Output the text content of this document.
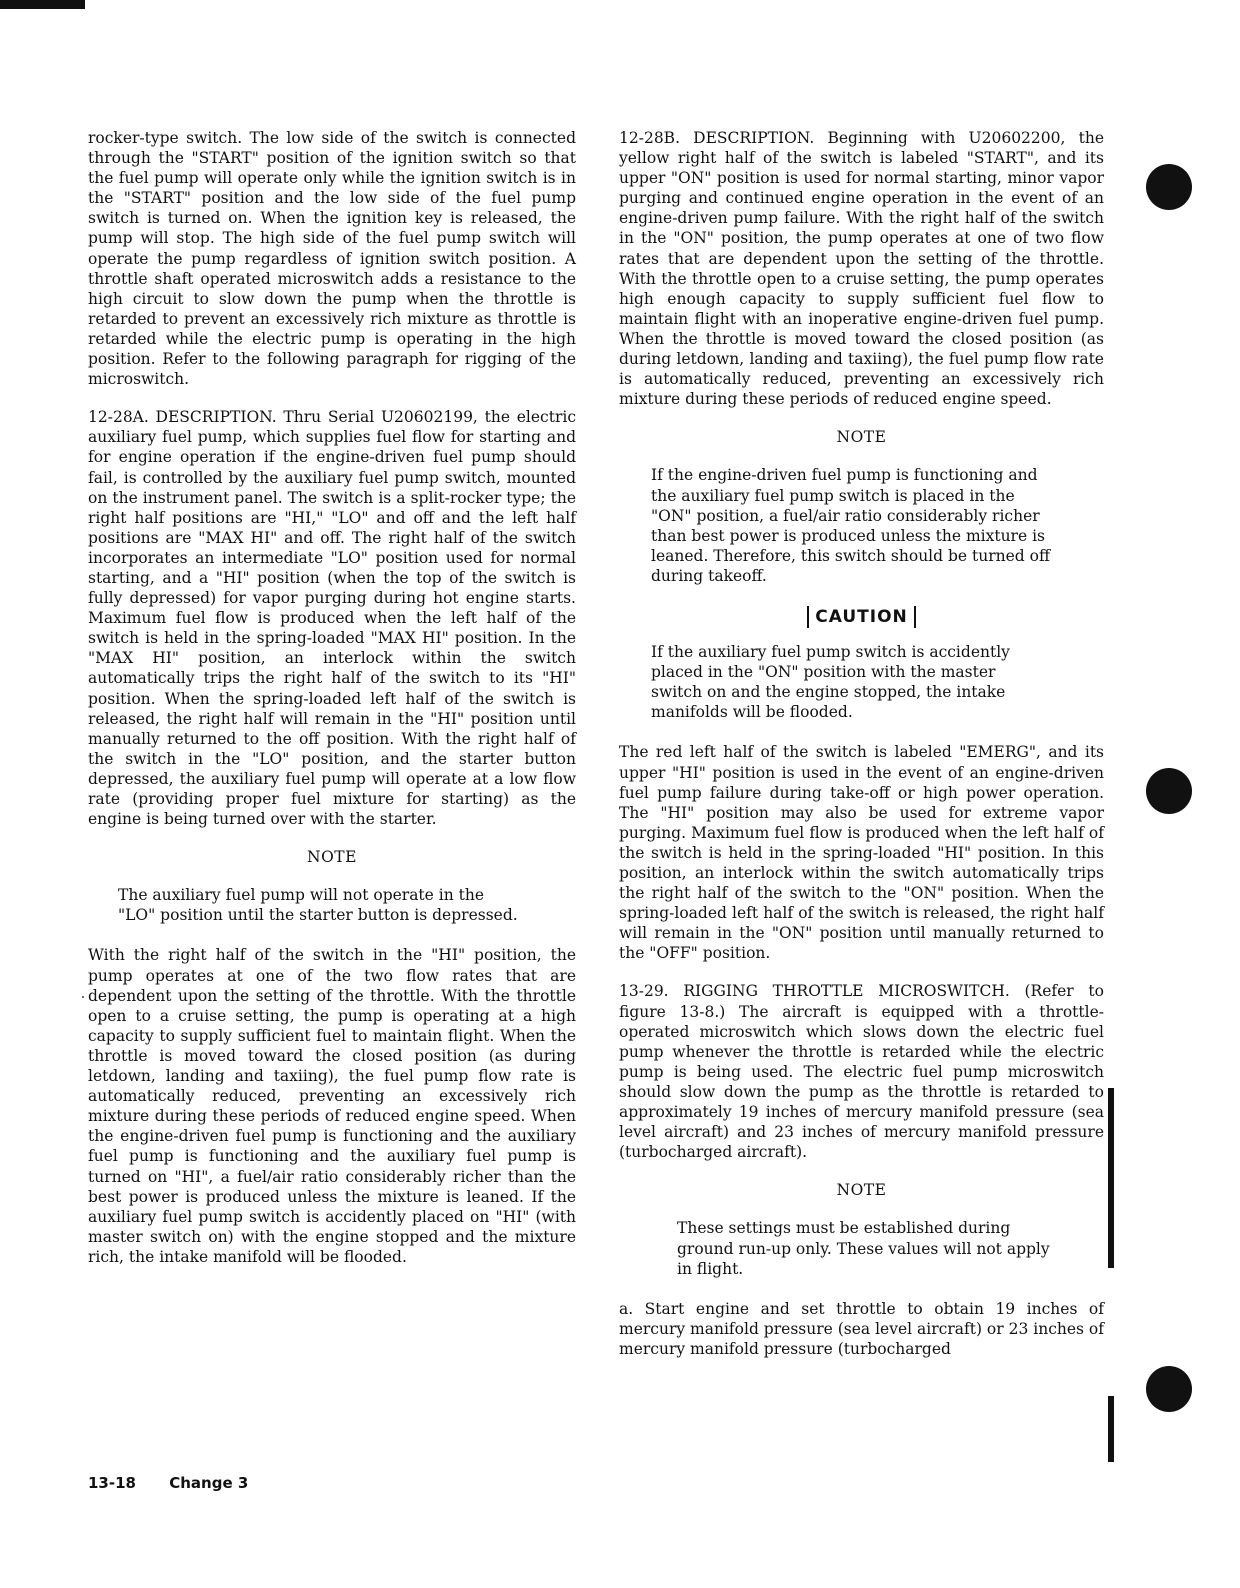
rocker-type switch. The low side of the switch is connected through the "START" position of the ignition switch so that the fuel pump will operate only while the ignition switch is in the "START" position and the low side of the fuel pump switch is turned on. When the ignition key is released, the pump will stop. The high side of the fuel pump switch will operate the pump regardless of ignition switch position. A throttle shaft operated microswitch adds a resistance to the high circuit to slow down the pump when the throttle is retarded to prevent an excessively rich mixture as throttle is retarded while the electric pump is operating in the high position. Refer to the following paragraph for rigging of the microswitch.

12-28A. DESCRIPTION. Thru Serial U20602199, the electric auxiliary fuel pump, which supplies fuel flow for starting and for engine operation if the engine-driven fuel pump should fail, is controlled by the auxiliary fuel pump switch, mounted on the instrument panel. The switch is a split-rocker type; the right half positions are "HI," "LO" and off and the left half positions are "MAX HI" and off. The right half of the switch incorporates an intermediate "LO" position used for normal starting, and a "HI" position (when the top of the switch is fully depressed) for vapor purging during hot engine starts. Maximum fuel flow is produced when the left half of the switch is held in the spring-loaded "MAX HI" position. In the "MAX HI" position, an interlock within the switch automatically trips the right half of the switch to its "HI" position. When the spring-loaded left half of the switch is released, the right half will remain in the "HI" position until manually returned to the off position. With the right half of the switch in the "LO" position, and the starter button depressed, the auxiliary fuel pump will operate at a low flow rate (providing proper fuel mixture for starting) as the engine is being turned over with the starter.

NOTE

The auxiliary fuel pump will not operate in the "LO" position until the starter button is depressed.

With the right half of the switch in the "HI" position, the pump operates at one of the two flow rates that are dependent upon the setting of the throttle. With the throttle open to a cruise setting, the pump is operating at a high capacity to supply sufficient fuel to maintain flight. When the throttle is moved toward the closed position (as during letdown, landing and taxiing), the fuel pump flow rate is automatically reduced, preventing an excessively rich mixture during these periods of reduced engine speed. When the engine-driven fuel pump is functioning and the auxiliary fuel pump is functioning and the auxiliary fuel pump is turned on "HI", a fuel/air ratio considerably richer than the best power is produced unless the mixture is leaned. If the auxiliary fuel pump switch is accidently placed on "HI" (with master switch on) with the engine stopped and the mixture rich, the intake manifold will be flooded.

12-28B. DESCRIPTION. Beginning with U20602200, the yellow right half of the switch is labeled "START", and its upper "ON" position is used for normal starting, minor vapor purging and continued engine operation in the event of an engine-driven pump failure. With the right half of the switch in the "ON" position, the pump operates at one of two flow rates that are dependent upon the setting of the throttle. With the throttle open to a cruise setting, the pump operates high enough capacity to supply sufficient fuel flow to maintain flight with an inoperative engine-driven fuel pump. When the throttle is moved toward the closed position (as during letdown, landing and taxiing), the fuel pump flow rate is automatically reduced, preventing an excessively rich mixture during these periods of reduced engine speed.

NOTE

If the engine-driven fuel pump is functioning and the auxiliary fuel pump switch is placed in the "ON" position, a fuel/air ratio considerably richer than best power is produced unless the mixture is leaned. Therefore, this switch should be turned off during takeoff.

CAUTION

If the auxiliary fuel pump switch is accidently placed in the "ON" position with the master switch on and the engine stopped, the intake manifolds will be flooded.

The red left half of the switch is labeled "EMERG", and its upper "HI" position is used in the event of an engine-driven fuel pump failure during take-off or high power operation. The "HI" position may also be used for extreme vapor purging. Maximum fuel flow is produced when the left half of the switch is held in the spring-loaded "HI" position. In this position, an interlock within the switch automatically trips the right half of the switch to the "ON" position. When the spring-loaded left half of the switch is released, the right half will remain in the "ON" position until manually returned to the "OFF" position.

13-29. RIGGING THROTTLE MICROSWITCH. (Refer to figure 13-8.) The aircraft is equipped with a throttle-operated microswitch which slows down the electric fuel pump whenever the throttle is retarded while the electric pump is being used. The electric fuel pump microswitch should slow down the pump as the throttle is retarded to approximately 19 inches of mercury manifold pressure (sea level aircraft) and 23 inches of mercury manifold pressure (turbocharged aircraft).

NOTE

These settings must be established during ground run-up only. These values will not apply in flight.

a. Start engine and set throttle to obtain 19 inches of mercury manifold pressure (sea level aircraft) or 23 inches of mercury manifold pressure (turbocharged

13-18 Change 3
